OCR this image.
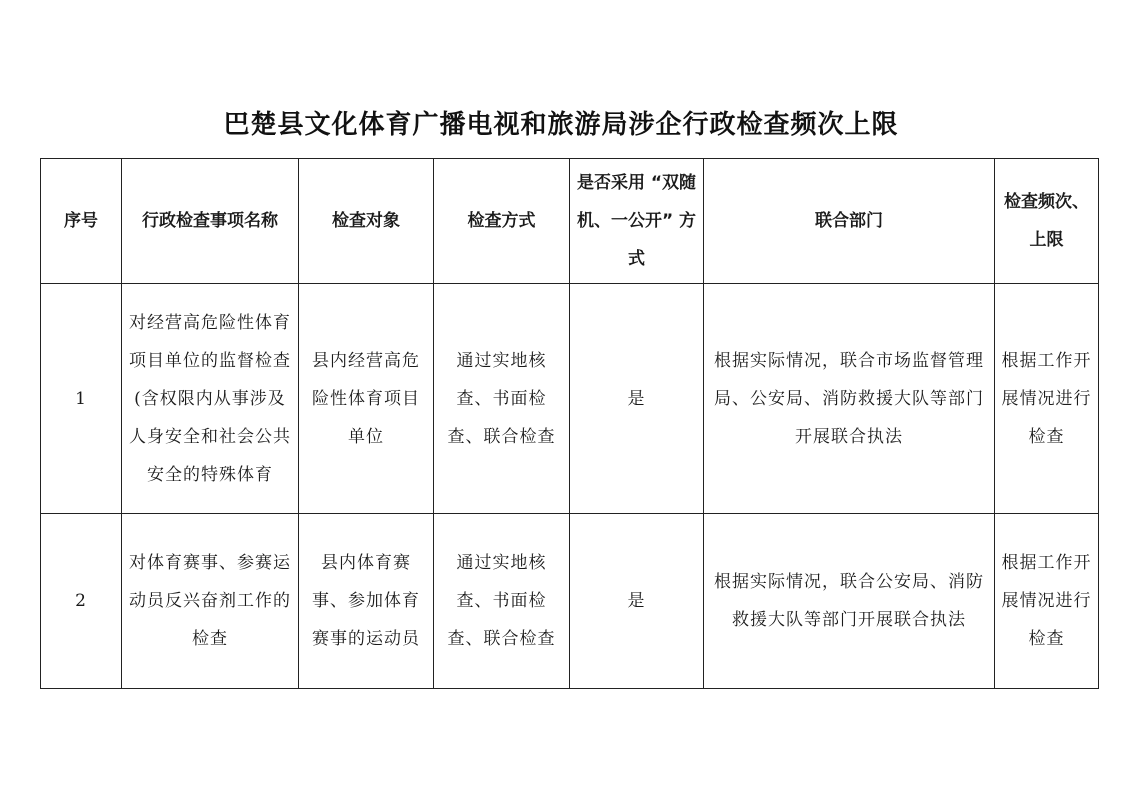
巴楚县文化体育广播电视和旅游局涉企行政检查频次上限
序号	行政检查事项名称	检查对象	检查方式	是否采用 “双随机、一公开” 方式	联合部门	检查频次、上限

1	对经营高危险性体育项目单位的监督检查(含权限内从事涉及人身安全和社会公共安全的特殊体育	县内经营高危险性体育项目单位	通过实地核查、书面检查、联合检查	是	根据实际情况，联合市场监督管理局、公安局、消防救援大队等部门开展联合执法	根据工作开展情况进行检查

2	对体育赛事、参赛运动员反兴奋剂工作的检查	县内体育赛事、参加体育赛事的运动员	通过实地核查、书面检查、联合检查	是	根据实际情况，联合公安局、消防救援大队等部门开展联合执法	根据工作开展情况进行检查
